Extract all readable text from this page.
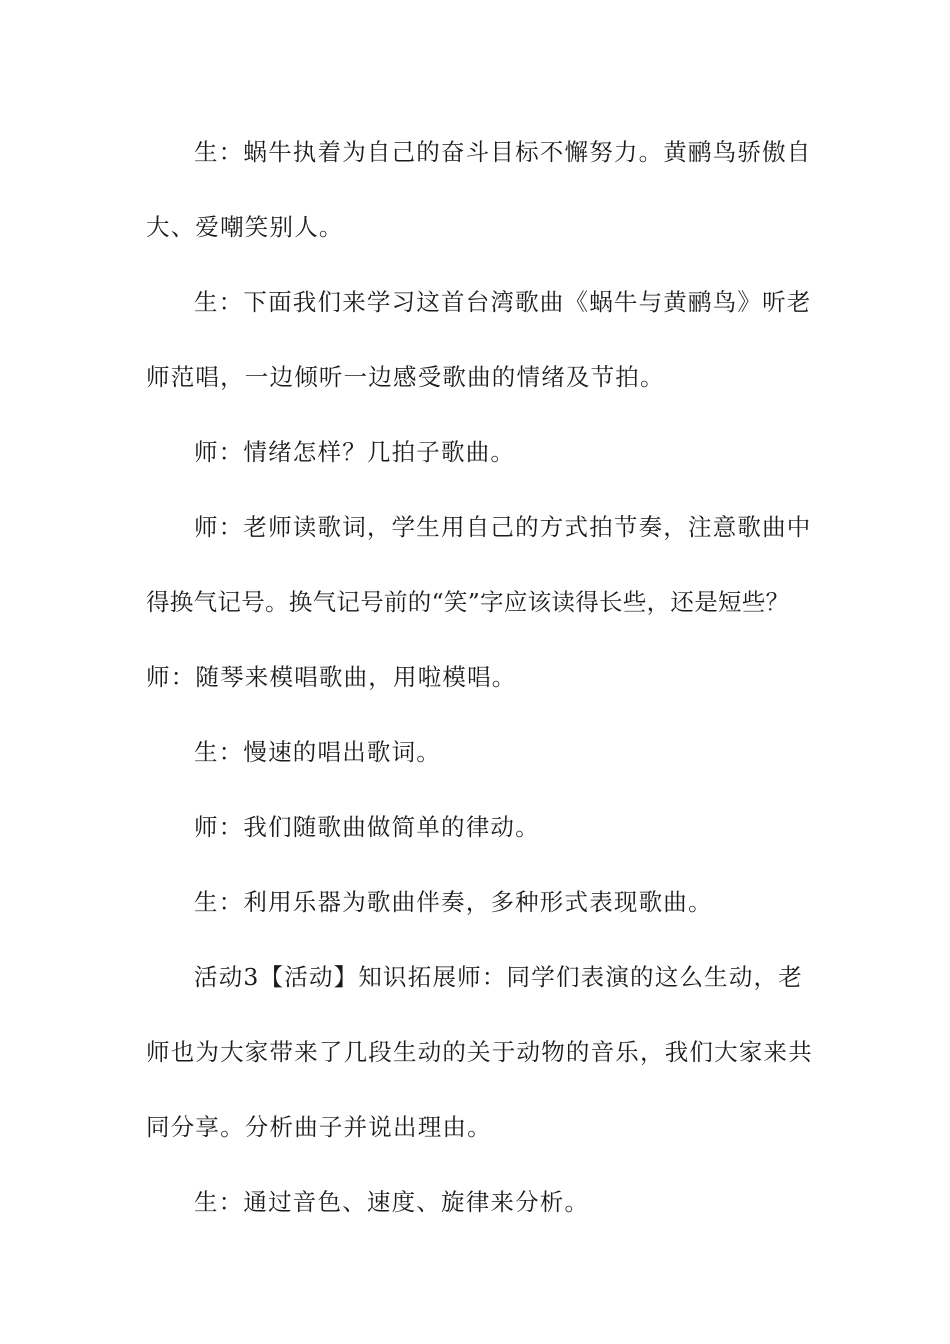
生：蜗牛执着为自己的奋斗目标不懈努力。黄鹂鸟骄傲自
大、爱嘲笑别人。
生：下面我们来学习这首台湾歌曲《蜗牛与黄鹂鸟》听老
师范唱，一边倾听一边感受歌曲的情绪及节拍。
师：情绪怎样？几拍子歌曲。
师：老师读歌词，学生用自己的方式拍节奏，注意歌曲中
得换气记号。换气记号前的“笑”字应该读得长些，还是短些？
师：随琴来模唱歌曲，用啦模唱。
生：慢速的唱出歌词。
师：我们随歌曲做简单的律动。
生：利用乐器为歌曲伴奏，多种形式表现歌曲。
活动3【活动】知识拓展师：同学们表演的这么生动，老
师也为大家带来了几段生动的关于动物的音乐，我们大家来共
同分享。分析曲子并说出理由。
生：通过音色、速度、旋律来分析。
